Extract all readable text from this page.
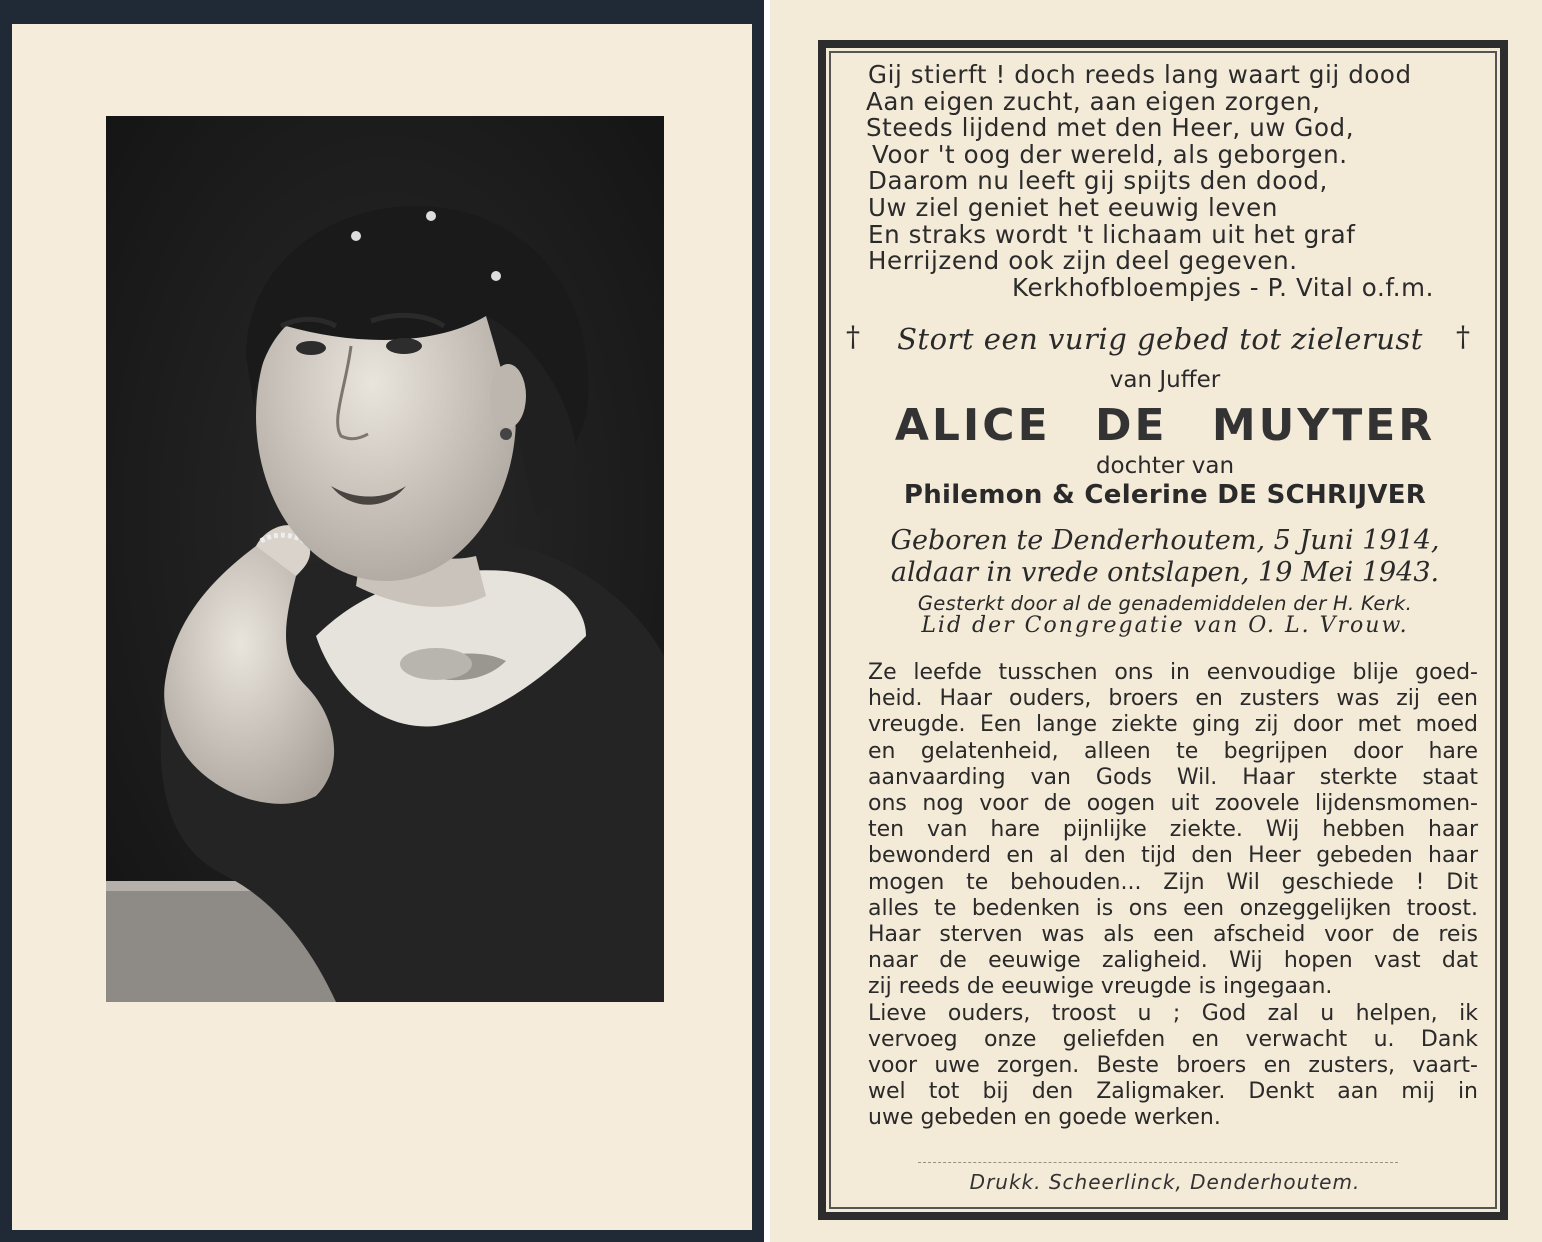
Gij stierft ! doch reeds lang waart gij dood
Aan eigen zucht, aan eigen zorgen,
Steeds lijdend met den Heer, uw God,
Voor 't oog der wereld, als geborgen.
Daarom nu leeft gij spijts den dood,
Uw ziel geniet het eeuwig leven
En straks wordt 't lichaam uit het graf
Herrijzend ook zijn deel gegeven.
Kerkhofbloempjes - P. Vital o.f.m.
† Stort een vurig gebed tot zielerust †
van Juffer
ALICE DE MUYTER
dochter van
Philemon & Celerine DE SCHRIJVER
Geboren te Denderhoutem, 5 Juni 1914,
aldaar in vrede ontslapen, 19 Mei 1943.
Gesterkt door al de genademiddelen der H. Kerk.
Lid der Congregatie van O. L. Vrouw.
Ze leefde tusschen ons in eenvoudige blije goed-
heid. Haar ouders, broers en zusters was zij een
vreugde. Een lange ziekte ging zij door met moed
en gelatenheid, alleen te begrijpen door hare
aanvaarding van Gods Wil. Haar sterkte staat
ons nog voor de oogen uit zoovele lijdensmomen-
ten van hare pijnlijke ziekte. Wij hebben haar
bewonderd en al den tijd den Heer gebeden haar
mogen te behouden... Zijn Wil geschiede ! Dit
alles te bedenken is ons een onzeggelijken troost.
Haar sterven was als een afscheid voor de reis
naar de eeuwige zaligheid. Wij hopen vast dat
zij reeds de eeuwige vreugde is ingegaan.
Lieve ouders, troost u ; God zal u helpen, ik
vervoeg onze geliefden en verwacht u. Dank
voor uwe zorgen. Beste broers en zusters, vaart-
wel tot bij den Zaligmaker. Denkt aan mij in
uwe gebeden en goede werken.
Drukk. Scheerlinck, Denderhoutem.
